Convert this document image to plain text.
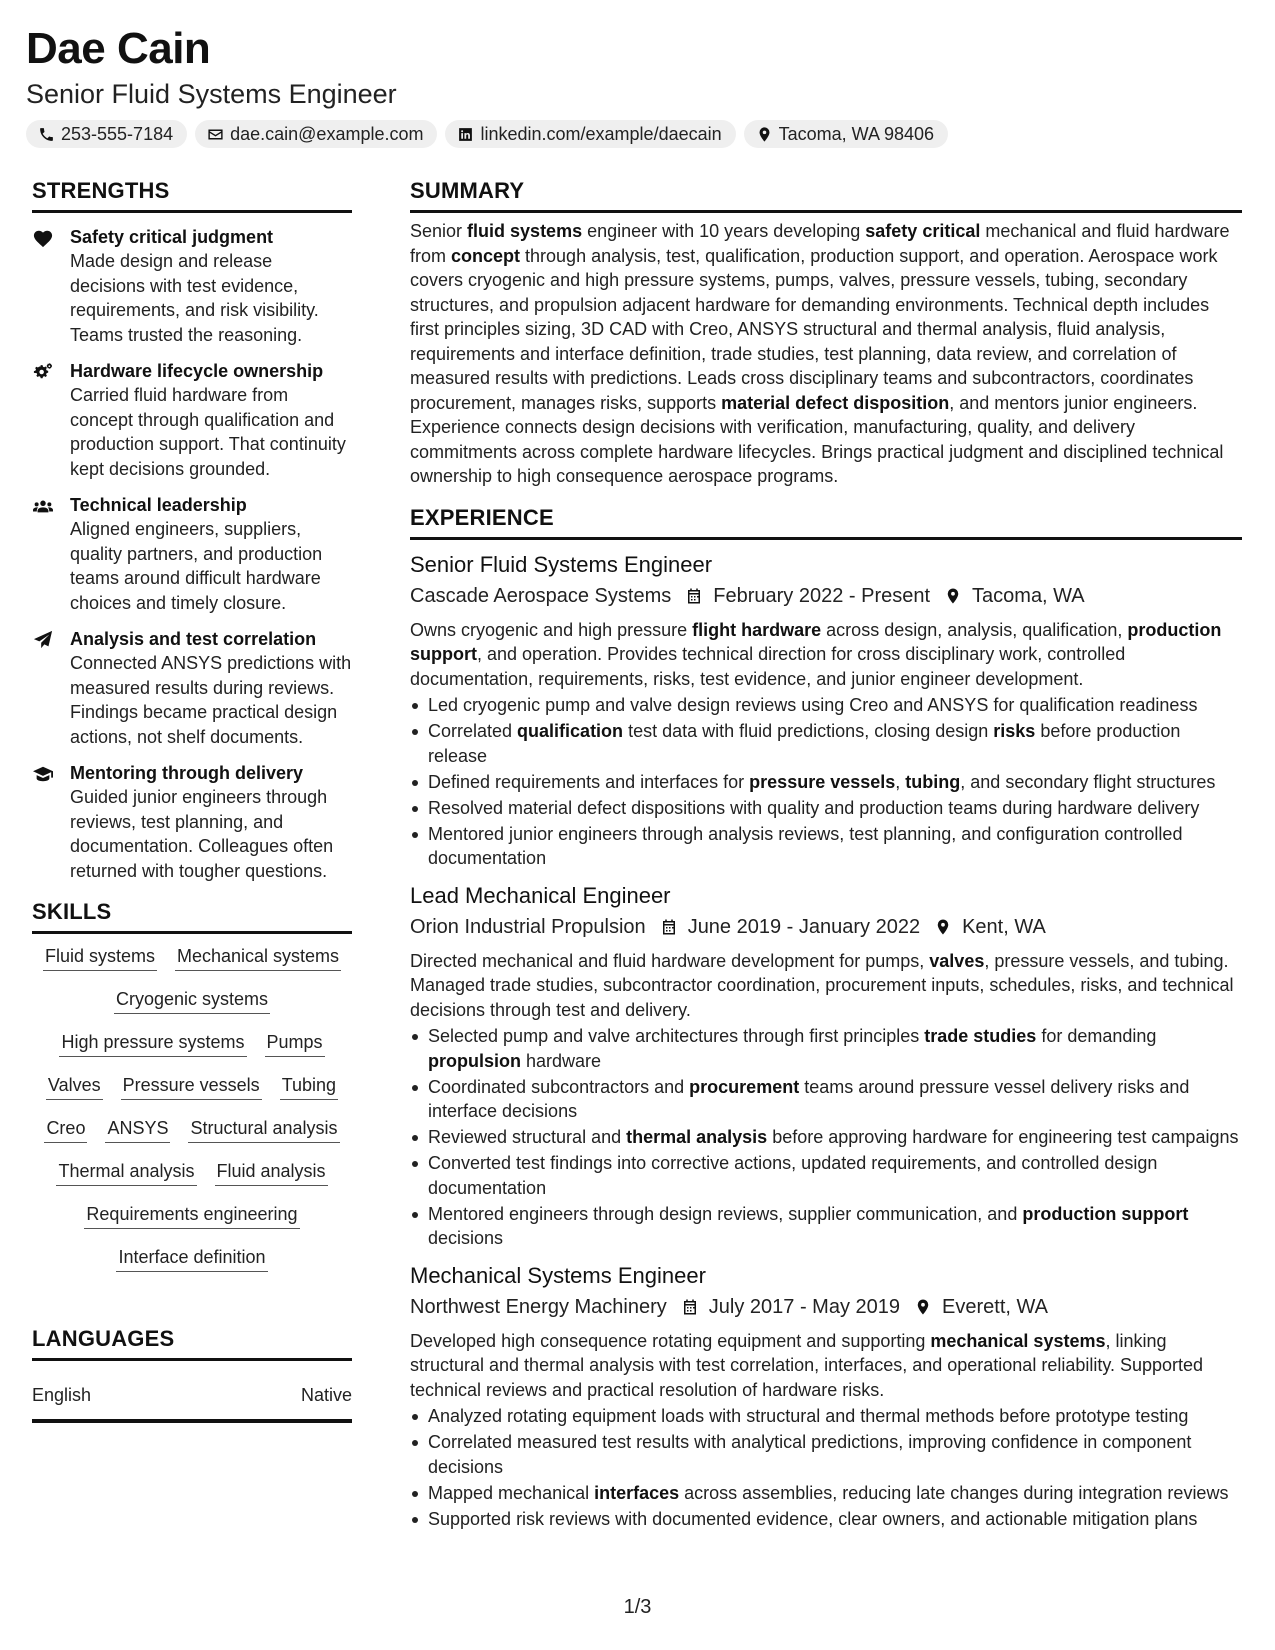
Dae Cain
Senior Fluid Systems Engineer
253-555-7184	dae.cain@example.com	linkedin.com/example/daecain	Tacoma, WA 98406
STRENGTHS
Safety critical judgment
Made design and release decisions with test evidence, requirements, and risk visibility. Teams trusted the reasoning.
Hardware lifecycle ownership
Carried fluid hardware from concept through qualification and production support. That continuity kept decisions grounded.
Technical leadership
Aligned engineers, suppliers, quality partners, and production teams around difficult hardware choices and timely closure.
Analysis and test correlation
Connected ANSYS predictions with measured results during reviews. Findings became practical design actions, not shelf documents.
Mentoring through delivery
Guided junior engineers through reviews, test planning, and documentation. Colleagues often returned with tougher questions.
SKILLS
Fluid systems Mechanical systems
Cryogenic systems
High pressure systems Pumps
Valves Pressure vessels Tubing
Creo ANSYS Structural analysis
Thermal analysis Fluid analysis
Requirements engineering
Interface definition
LANGUAGES
English	Native
SUMMARY

Senior fluid systems engineer with 10 years developing safety critical mechanical and fluid hardware from concept through analysis, test, qualification, production support, and operation. Aerospace work covers cryogenic and high pressure systems, pumps, valves, pressure vessels, tubing, secondary structures, and propulsion adjacent hardware for demanding environments. Technical depth includes first principles sizing, 3D CAD with Creo, ANSYS structural and thermal analysis, fluid analysis, requirements and interface definition, trade studies, test planning, data review, and correlation of measured results with predictions. Leads cross disciplinary teams and subcontractors, coordinates procurement, manages risks, supports material defect disposition, and mentors junior engineers. Experience connects design decisions with verification, manufacturing, quality, and delivery commitments across complete hardware lifecycles. Brings practical judgment and disciplined technical ownership to high consequence aerospace programs.

EXPERIENCE
Senior Fluid Systems Engineer
Cascade Aerospace Systems February 2022 - Present Tacoma, WA

Owns cryogenic and high pressure flight hardware across design, analysis, qualification, production support, and operation. Provides technical direction for cross disciplinary work, controlled documentation, requirements, risks, test evidence, and junior engineer development.

Led cryogenic pump and valve design reviews using Creo and ANSYS for qualification readiness
Correlated qualification test data with fluid predictions, closing design risks before production release
Defined requirements and interfaces for pressure vessels, tubing, and secondary flight structures
Resolved material defect dispositions with quality and production teams during hardware delivery
Mentored junior engineers through analysis reviews, test planning, and configuration controlled documentation
Lead Mechanical Engineer
Orion Industrial Propulsion June 2019 - January 2022 Kent, WA

Directed mechanical and fluid hardware development for pumps, valves, pressure vessels, and tubing. Managed trade studies, subcontractor coordination, procurement inputs, schedules, risks, and technical decisions through test and delivery.

Selected pump and valve architectures through first principles trade studies for demanding propulsion hardware
Coordinated subcontractors and procurement teams around pressure vessel delivery risks and interface decisions
Reviewed structural and thermal analysis before approving hardware for engineering test campaigns
Converted test findings into corrective actions, updated requirements, and controlled design documentation
Mentored engineers through design reviews, supplier communication, and production support decisions
Mechanical Systems Engineer
Northwest Energy Machinery July 2017 - May 2019 Everett, WA

Developed high consequence rotating equipment and supporting mechanical systems, linking structural and thermal analysis with test correlation, interfaces, and operational reliability. Supported technical reviews and practical resolution of hardware risks.

Analyzed rotating equipment loads with structural and thermal methods before prototype testing
Correlated measured test results with analytical predictions, improving confidence in component decisions
Mapped mechanical interfaces across assemblies, reducing late changes during integration reviews
Supported risk reviews with documented evidence, clear owners, and actionable mitigation plans
1/3
